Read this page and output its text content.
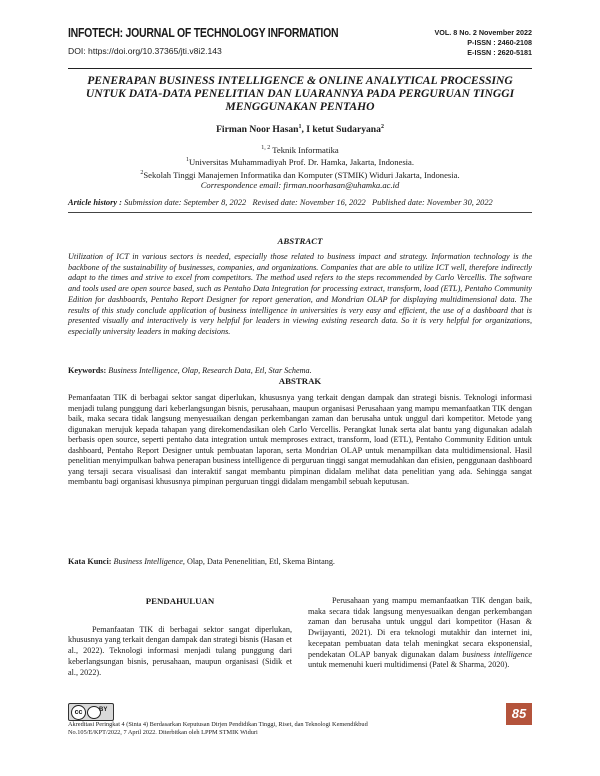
INFOTECH: JOURNAL OF TECHNOLOGY INFORMATION
DOI: https://doi.org/10.37365/jti.v8i2.143
VOL. 8 No. 2 November 2022
P-ISSN : 2460-2108
E-ISSN : 2620-5181
PENERAPAN BUSINESS INTELLIGENCE & ONLINE ANALYTICAL PROCESSING
UNTUK DATA-DATA PENELITIAN DAN LUARANNYA PADA PERGURUAN TINGGI
MENGGUNAKAN PENTAHO
Firman Noor Hasan$^1$, I ketut Sudaryana$^2$
$^{1, 2}$ Teknik Informatika
$^1$Universitas Muhammadiyah Prof. Dr. Hamka, Jakarta, Indonesia.
$^2$Sekolah Tinggi Manajemen Informatika dan Komputer (STMIK) Widuri Jakarta, Indonesia.
Correspondence email: firman.noorhasan@uhamka.ac.id
Article history : Submission date: September 8, 2022 Revised date: November 16, 2022 Published date: November 30, 2022
ABSTRACT
Utilization of ICT in various sectors is needed, especially those related to business impact and strategy. Information technology is the backbone of the sustainability of businesses, companies, and organizations. Companies that are able to utilize ICT well, therefore indirectly adapt to the times and strive to excel from competitors. The method used refers to the steps recommended by Carlo Vercellis. The software and tools used are open source based, such as Pentaho Data Integration for processing extract, transform, load (ETL), Pentaho Community Edition for dashboards, Pentaho Report Designer for report generation, and Mondrian OLAP for displaying multidimensional data. The results of this study conclude application of business intelligence in universities is very easy and efficient, the use of a dashboard that is presented visually and interactively is very helpful for leaders in viewing existing research data. So it is very helpful for organizations, especially university leaders in making decisions.
Keywords: Business Intelligence, Olap, Research Data, Etl, Star Schema.
ABSTRAK
Pemanfaatan TIK di berbagai sektor sangat diperlukan, khususnya yang terkait dengan dampak dan strategi bisnis. Teknologi informasi menjadi tulang punggung dari keberlangsungan bisnis, perusahaan, maupun organisasi Perusahaan yang mampu memanfaatkan TIK dengan baik, maka secara tidak langsung menyesuaikan dengan perkembangan zaman dan berusaha untuk unggul dari kompetitor. Metode yang digunakan merujuk kepada tahapan yang direkomendasikan oleh Carlo Vercellis. Perangkat lunak serta alat bantu yang digunakan adalah berbasis open source, seperti pentaho data integration untuk memproses extract, transform, load (ETL), Pentaho Community Edition untuk dashboard, Pentaho Report Designer untuk pembuatan laporan, serta Mondrian OLAP untuk menampilkan data multidimensional. Hasil penelitian menyimpulkan bahwa penerapan business intelligence di perguruan tinggi sangat memudahkan dan efisien, penggunaan dashboard yang tersaji secara visualisasi dan interaktif sangat membantu pimpinan didalam melihat data penelitian yang ada. Sehingga sangat membantu bagi organisasi khususnya pimpinan perguruan tinggi didalam mengambil sebuah keputusan.
Kata Kunci: Business Intelligence, Olap, Data Penenelitian, Etl, Skema Bintang.
PENDAHULUAN

Pemanfaatan TIK di berbagai sektor sangat diperlukan, khususnya yang terkait dengan dampak dan strategi bisnis (Hasan et al., 2022). Teknologi informasi menjadi tulang punggung dari keberlangsungan bisnis, perusahaan, maupun organisasi (Sidik et al., 2022).

Perusahaan yang mampu memanfaatkan TIK dengan baik, maka secara tidak langsung menyesuaikan dengan perkembangan zaman dan berusaha untuk unggul dari kompetitor (Hasan & Dwijayanti, 2021). Di era teknologi mutakhir dan internet ini, kecepatan pembuatan data telah meningkat secara eksponensial, pendekatan OLAP banyak digunakan dalam business intelligence untuk memenuhi kueri multidimensi (Patel & Sharma, 2020).

cc	BY
Akreditasi Peringkat 4 (Sinta 4) Berdasarkan Keputusan Dirjen Pendidikan Tinggi, Riset, dan Teknologi Kemendikbud
No.105/E/KPT/2022, 7 April 2022. Diterbitkan oleh LPPM STMIK Widuri
85
